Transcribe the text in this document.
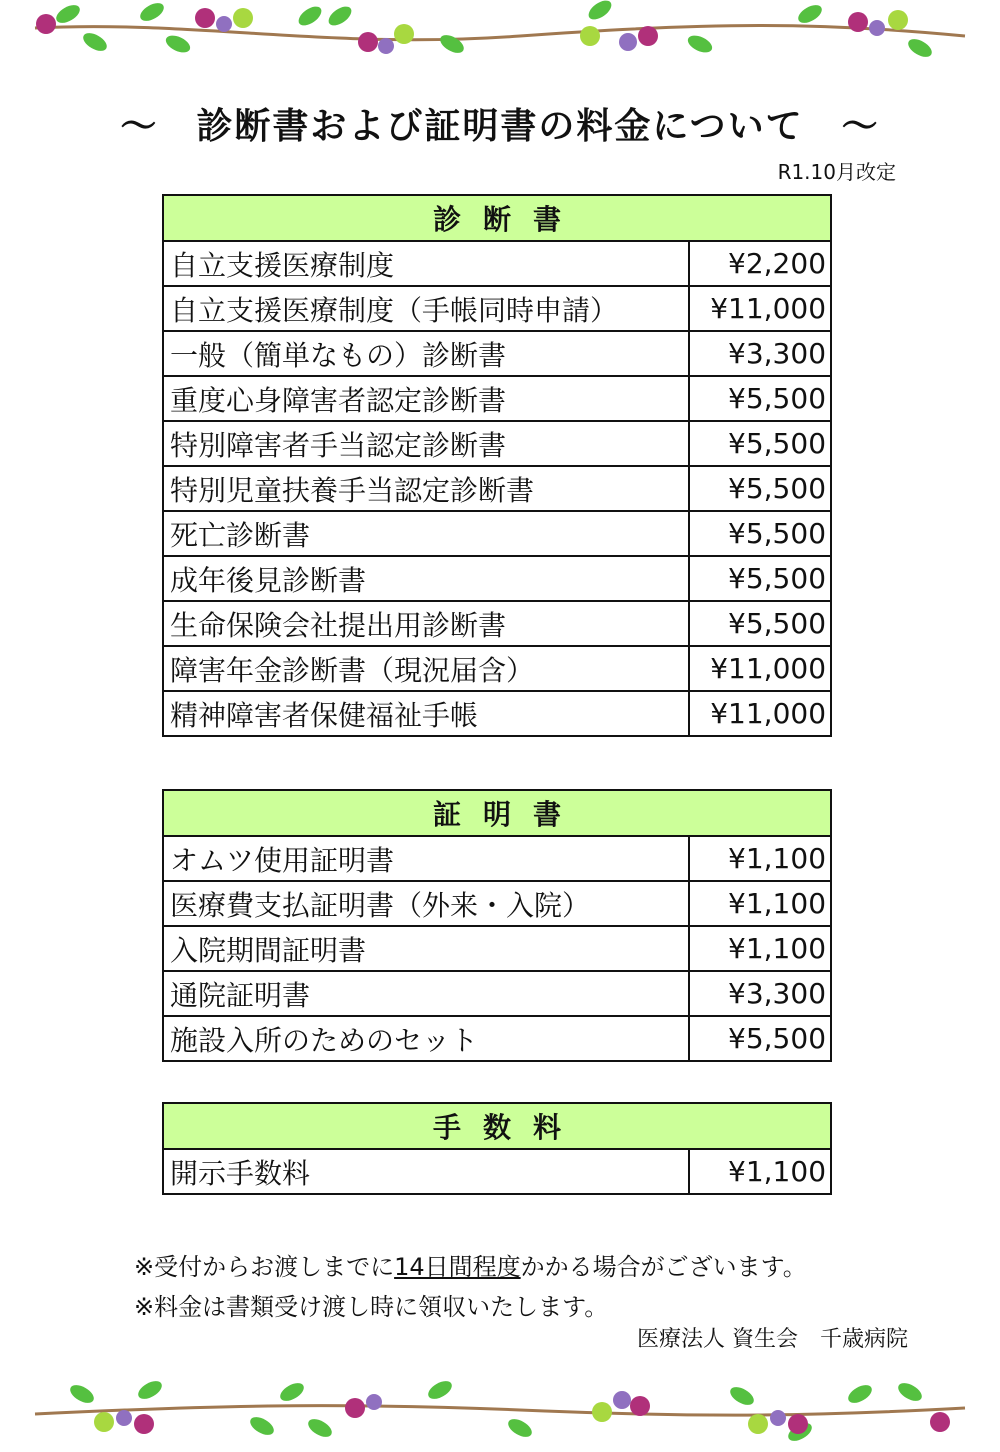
～　診断書および証明書の料金について　～
R1.10月改定
診断書	
自立支援医療制度	¥2,200
自立支援医療制度（手帳同時申請）	¥11,000
一般（簡単なもの）診断書	¥3,300
重度心身障害者認定診断書	¥5,500
特別障害者手当認定診断書	¥5,500
特別児童扶養手当認定診断書	¥5,500
死亡診断書	¥5,500
成年後見診断書	¥5,500
生命保険会社提出用診断書	¥5,500
障害年金診断書（現況届含）	¥11,000
精神障害者保健福祉手帳	¥11,000
証明書	
オムツ使用証明書	¥1,100
医療費支払証明書（外来・入院）	¥1,100
入院期間証明書	¥1,100
通院証明書	¥3,300
施設入所のためのセット	¥5,500
手数料
開示手数料	¥1,100
※受付からお渡しまでに14日間程度かかる場合がございます。
※料金は書類受け渡し時に領収いたします。
医療法人 資生会　千歳病院
